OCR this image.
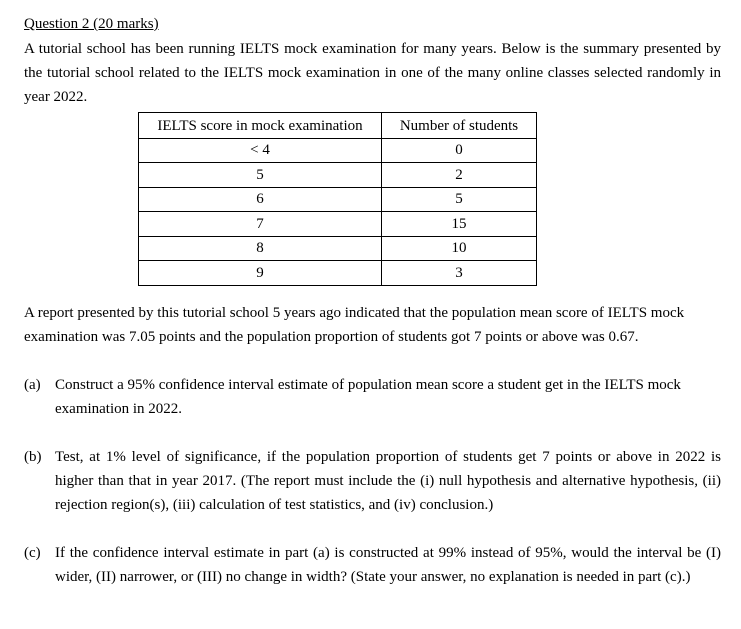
Question 2 (20 marks)
A tutorial school has been running IELTS mock examination for many years. Below is the summary presented by the tutorial school related to the IELTS mock examination in one of the many online classes selected randomly in year 2022.
IELTS score in mock examination	Number of students
< 4	0
5	2
6	5
7	15
8	10
9	3
A report presented by this tutorial school 5 years ago indicated that the population mean score of IELTS mock examination was 7.05 points and the population proportion of students got 7 points or above was 0.67.
(a) Construct a 95% confidence interval estimate of population mean score a student get in the IELTS mock examination in 2022.
(b) Test, at 1% level of significance, if the population proportion of students get 7 points or above in 2022 is higher than that in year 2017. (The report must include the (i) null hypothesis and alternative hypothesis, (ii) rejection region(s), (iii) calculation of test statistics, and (iv) conclusion.)
(c) If the confidence interval estimate in part (a) is constructed at 99% instead of 95%, would the interval be (I) wider, (II) narrower, or (III) no change in width? (State your answer, no explanation is needed in part (c).)
